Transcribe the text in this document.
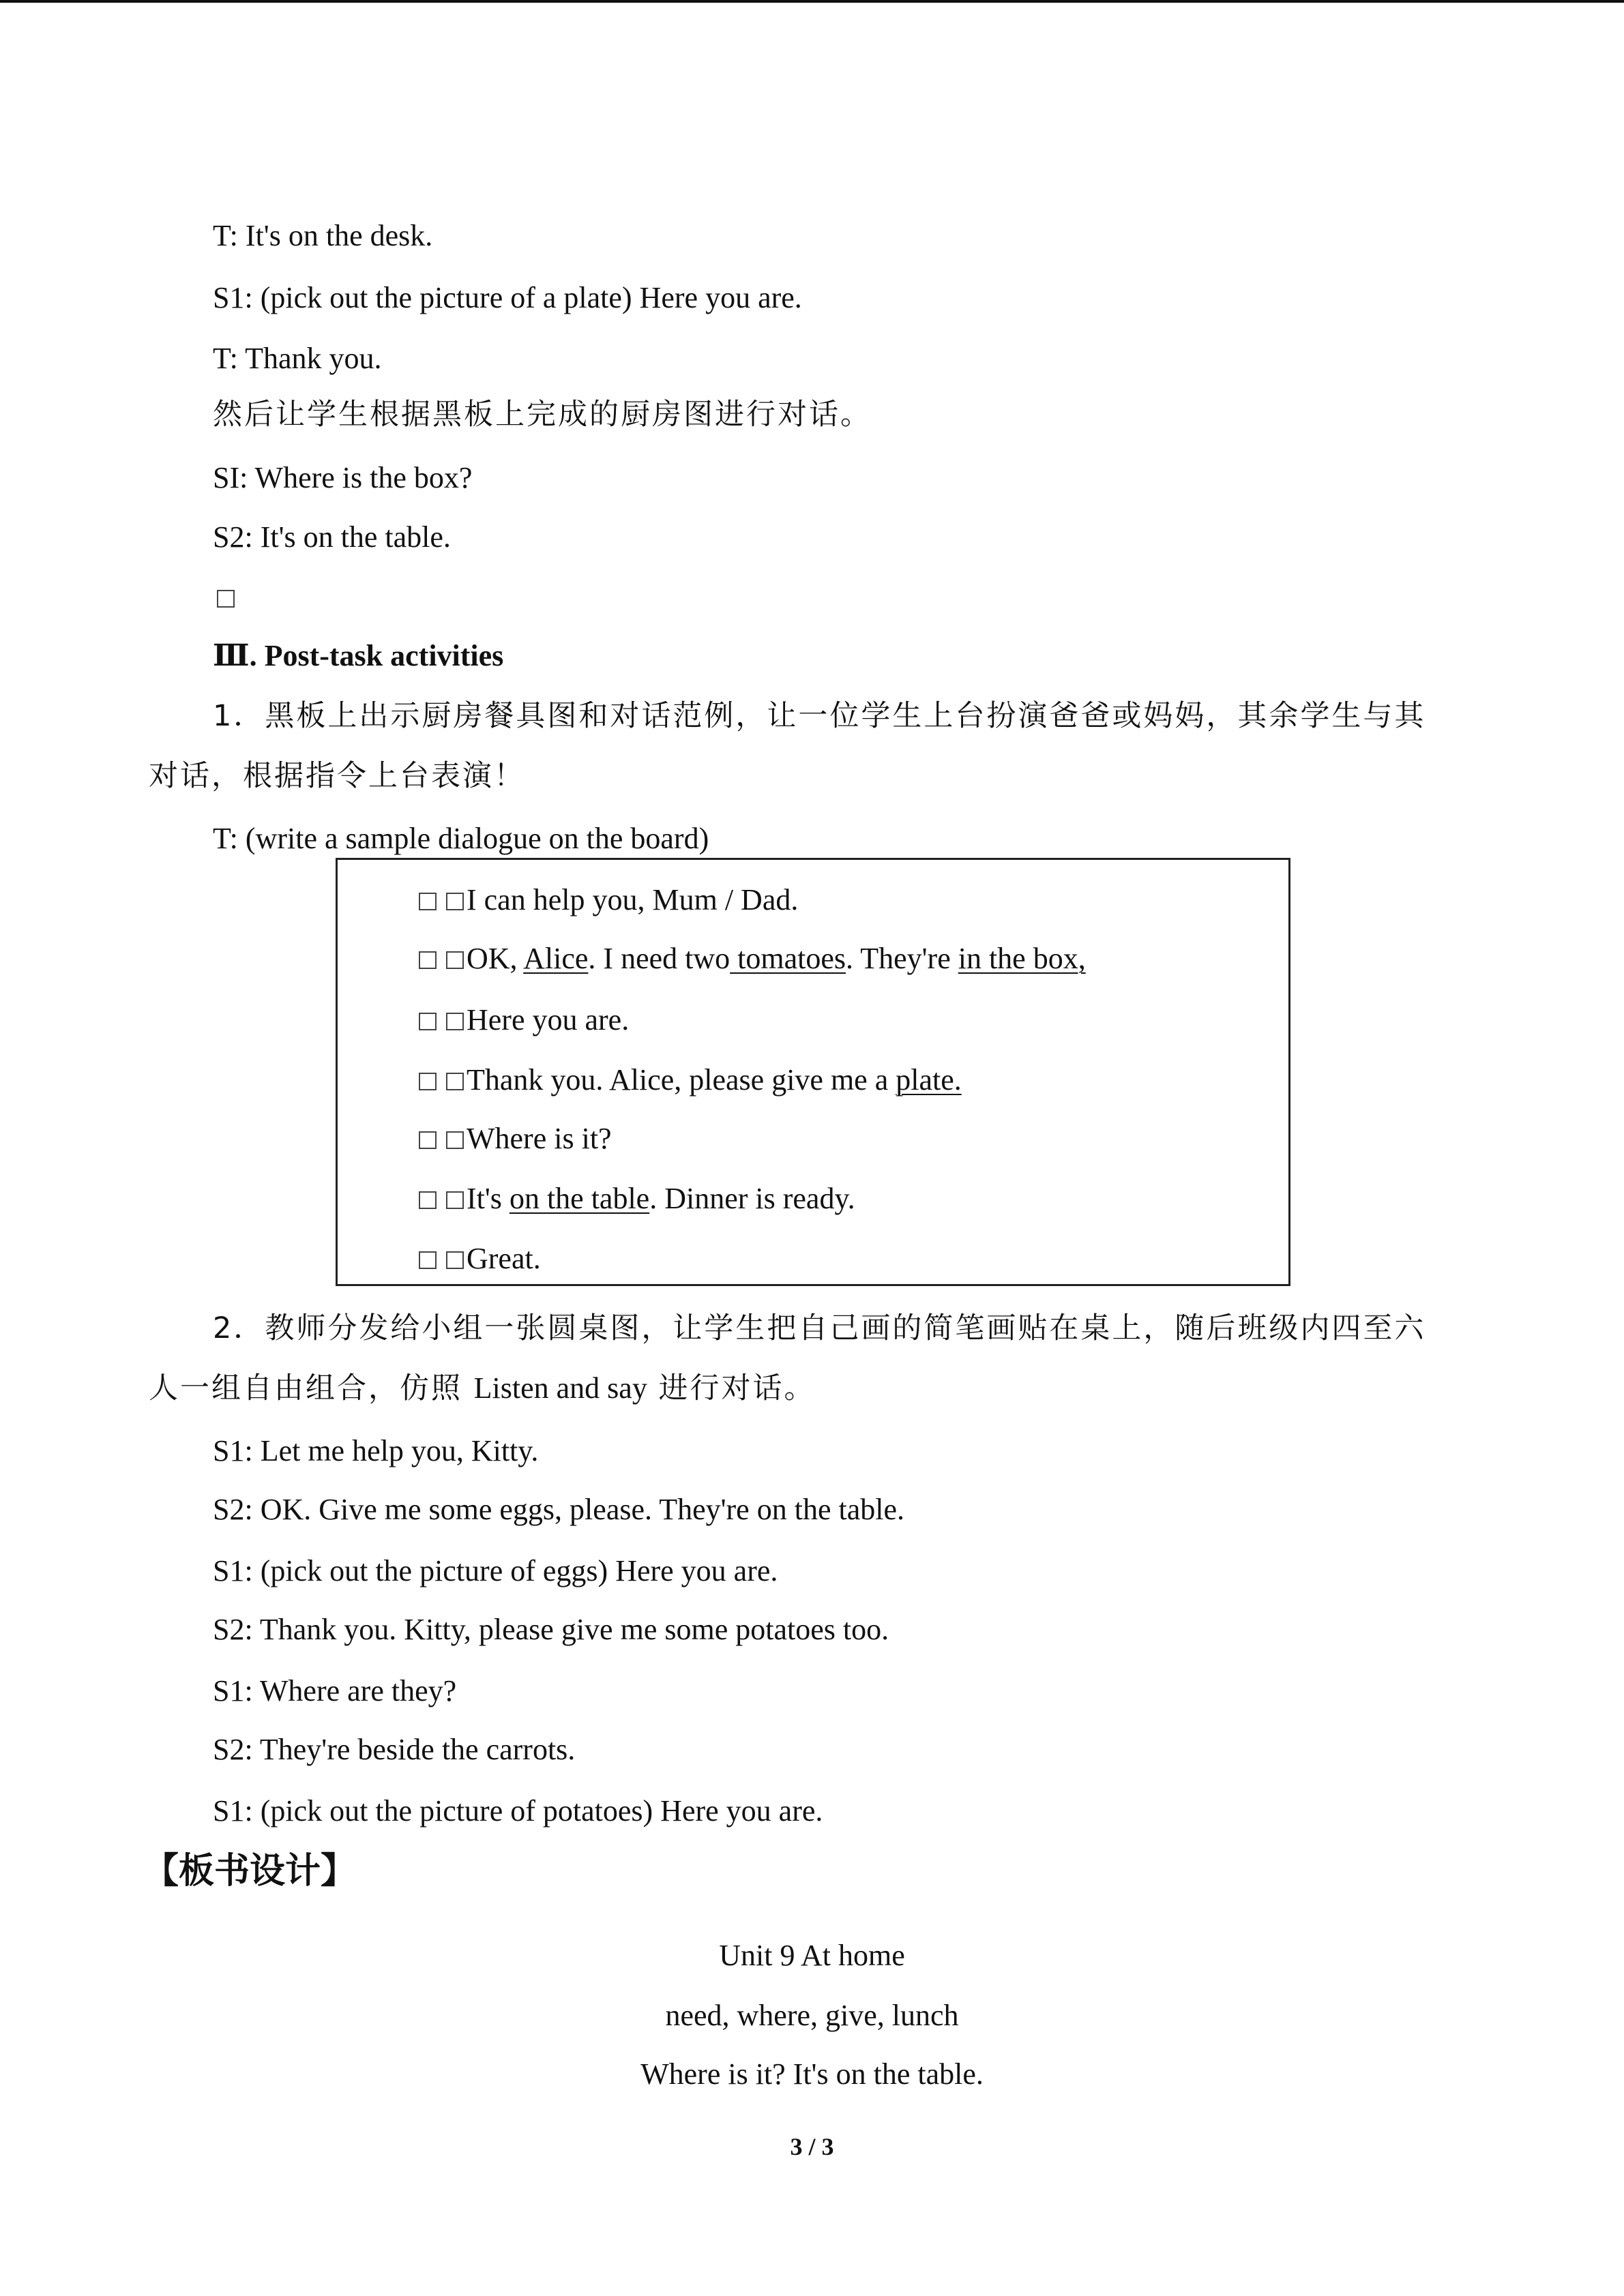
T: It's on the desk.
S1: (pick out the picture of a plate) Here you are.
T: Thank you.
然后让学生根据黑板上完成的厨房图进行对话。
SI: Where is the box?
S2: It's on the table.
Ⅲ. Post-task activities
1．黑板上出示厨房餐具图和对话范例，让一位学生上台扮演爸爸或妈妈，其余学生与其
对话，根据指令上台表演！
T: (write a sample dialogue on the board)
I can help you, Mum / Dad.
OK, Alice. I need two tomatoes. They're in the box,
Here you are.
Thank you. Alice, please give me a plate.
Where is it?
It's on the table. Dinner is ready.
Great.
2．教师分发给小组一张圆桌图，让学生把自己画的简笔画贴在桌上，随后班级内四至六
人一组自由组合，仿照 Listen and say 进行对话。
S1: Let me help you, Kitty.
S2: OK. Give me some eggs, please. They're on the table.
S1: (pick out the picture of eggs) Here you are.
S2: Thank you. Kitty, please give me some potatoes too.
S1: Where are they?
S2: They're beside the carrots.
S1: (pick out the picture of potatoes) Here you are.
【板书设计】
Unit 9 At home
need, where, give, lunch
Where is it? It's on the table.
3 / 3
